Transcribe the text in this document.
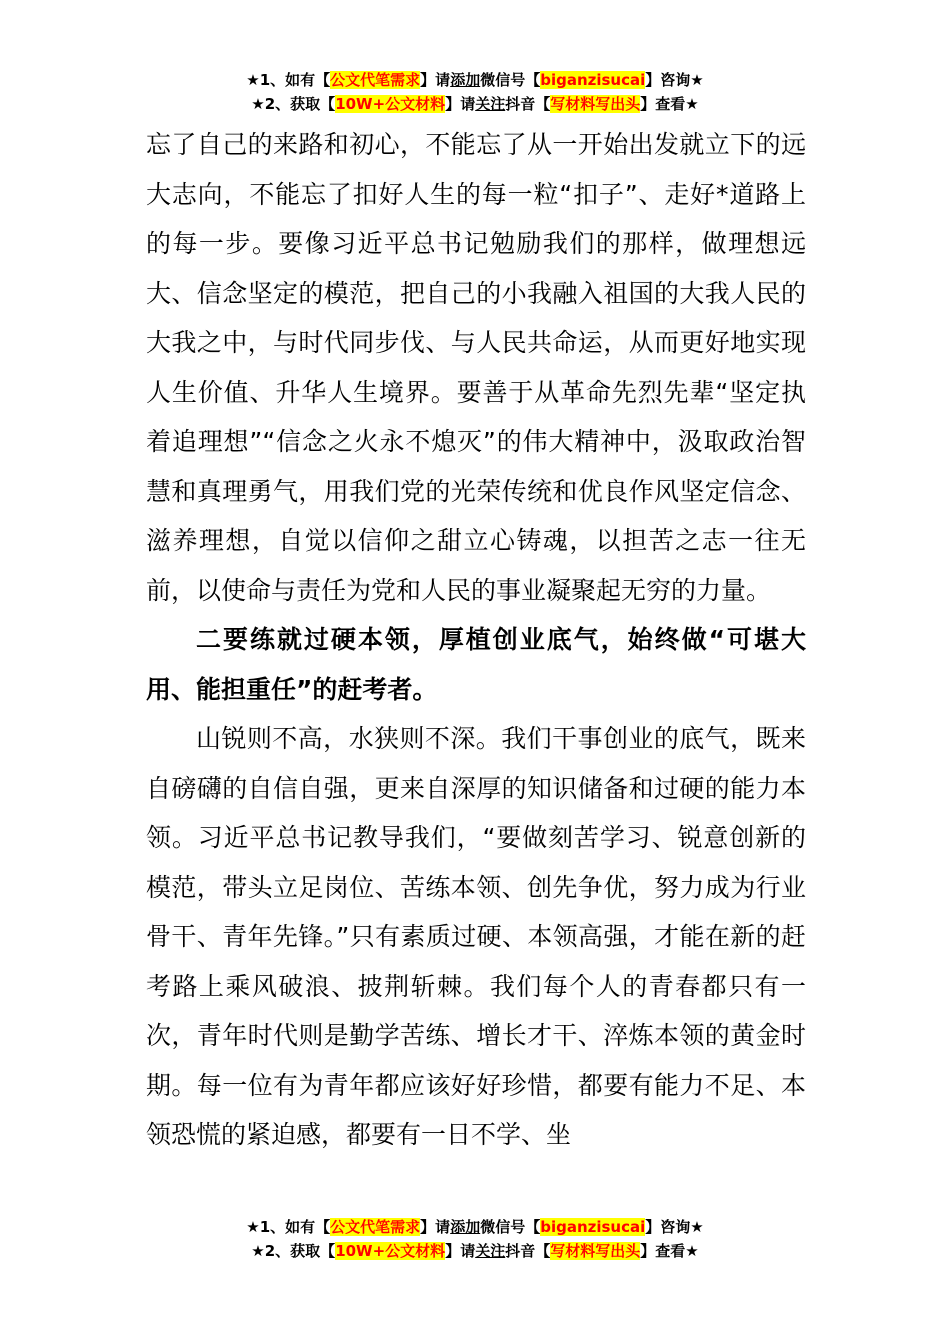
★1、如有【公文代笔需求】请添加微信号【biganzisucai】咨询★
★2、获取【10W+公文材料】请关注抖音【写材料写出头】查看★

忘了自己的来路和初心，不能忘了从一开始出发就立下的远大志向，不能忘了扣好人生的每一粒“扣子”、走好*道路上的每一步。要像习近平总书记勉励我们的那样，做理想远大、信念坚定的模范，把自己的小我融入祖国的大我人民的大我之中，与时代同步伐、与人民共命运，从而更好地实现人生价值、升华人生境界。要善于从革命先烈先辈“坚定执着追理想”“信念之火永不熄灭”的伟大精神中，汲取政治智慧和真理勇气，用我们党的光荣传统和优良作风坚定信念、滋养理想，自觉以信仰之甜立心铸魂，以担苦之志一往无前，以使命与责任为党和人民的事业凝聚起无穷的力量。

二要练就过硬本领，厚植创业底气，始终做“可堪大用、能担重任”的赶考者。

山锐则不高，水狭则不深。我们干事创业的底气，既来自磅礴的自信自强，更来自深厚的知识储备和过硬的能力本领。习近平总书记教导我们，“要做刻苦学习、锐意创新的模范，带头立足岗位、苦练本领、创先争优，努力成为行业骨干、青年先锋。”只有素质过硬、本领高强，才能在新的赶考路上乘风破浪、披荆斩棘。我们每个人的青春都只有一次，青年时代则是勤学苦练、增长才干、淬炼本领的黄金时期。每一位有为青年都应该好好珍惜，都要有能力不足、本领恐慌的紧迫感，都要有一日不学、坐

★1、如有【公文代笔需求】请添加微信号【biganzisucai】咨询★
★2、获取【10W+公文材料】请关注抖音【写材料写出头】查看★
